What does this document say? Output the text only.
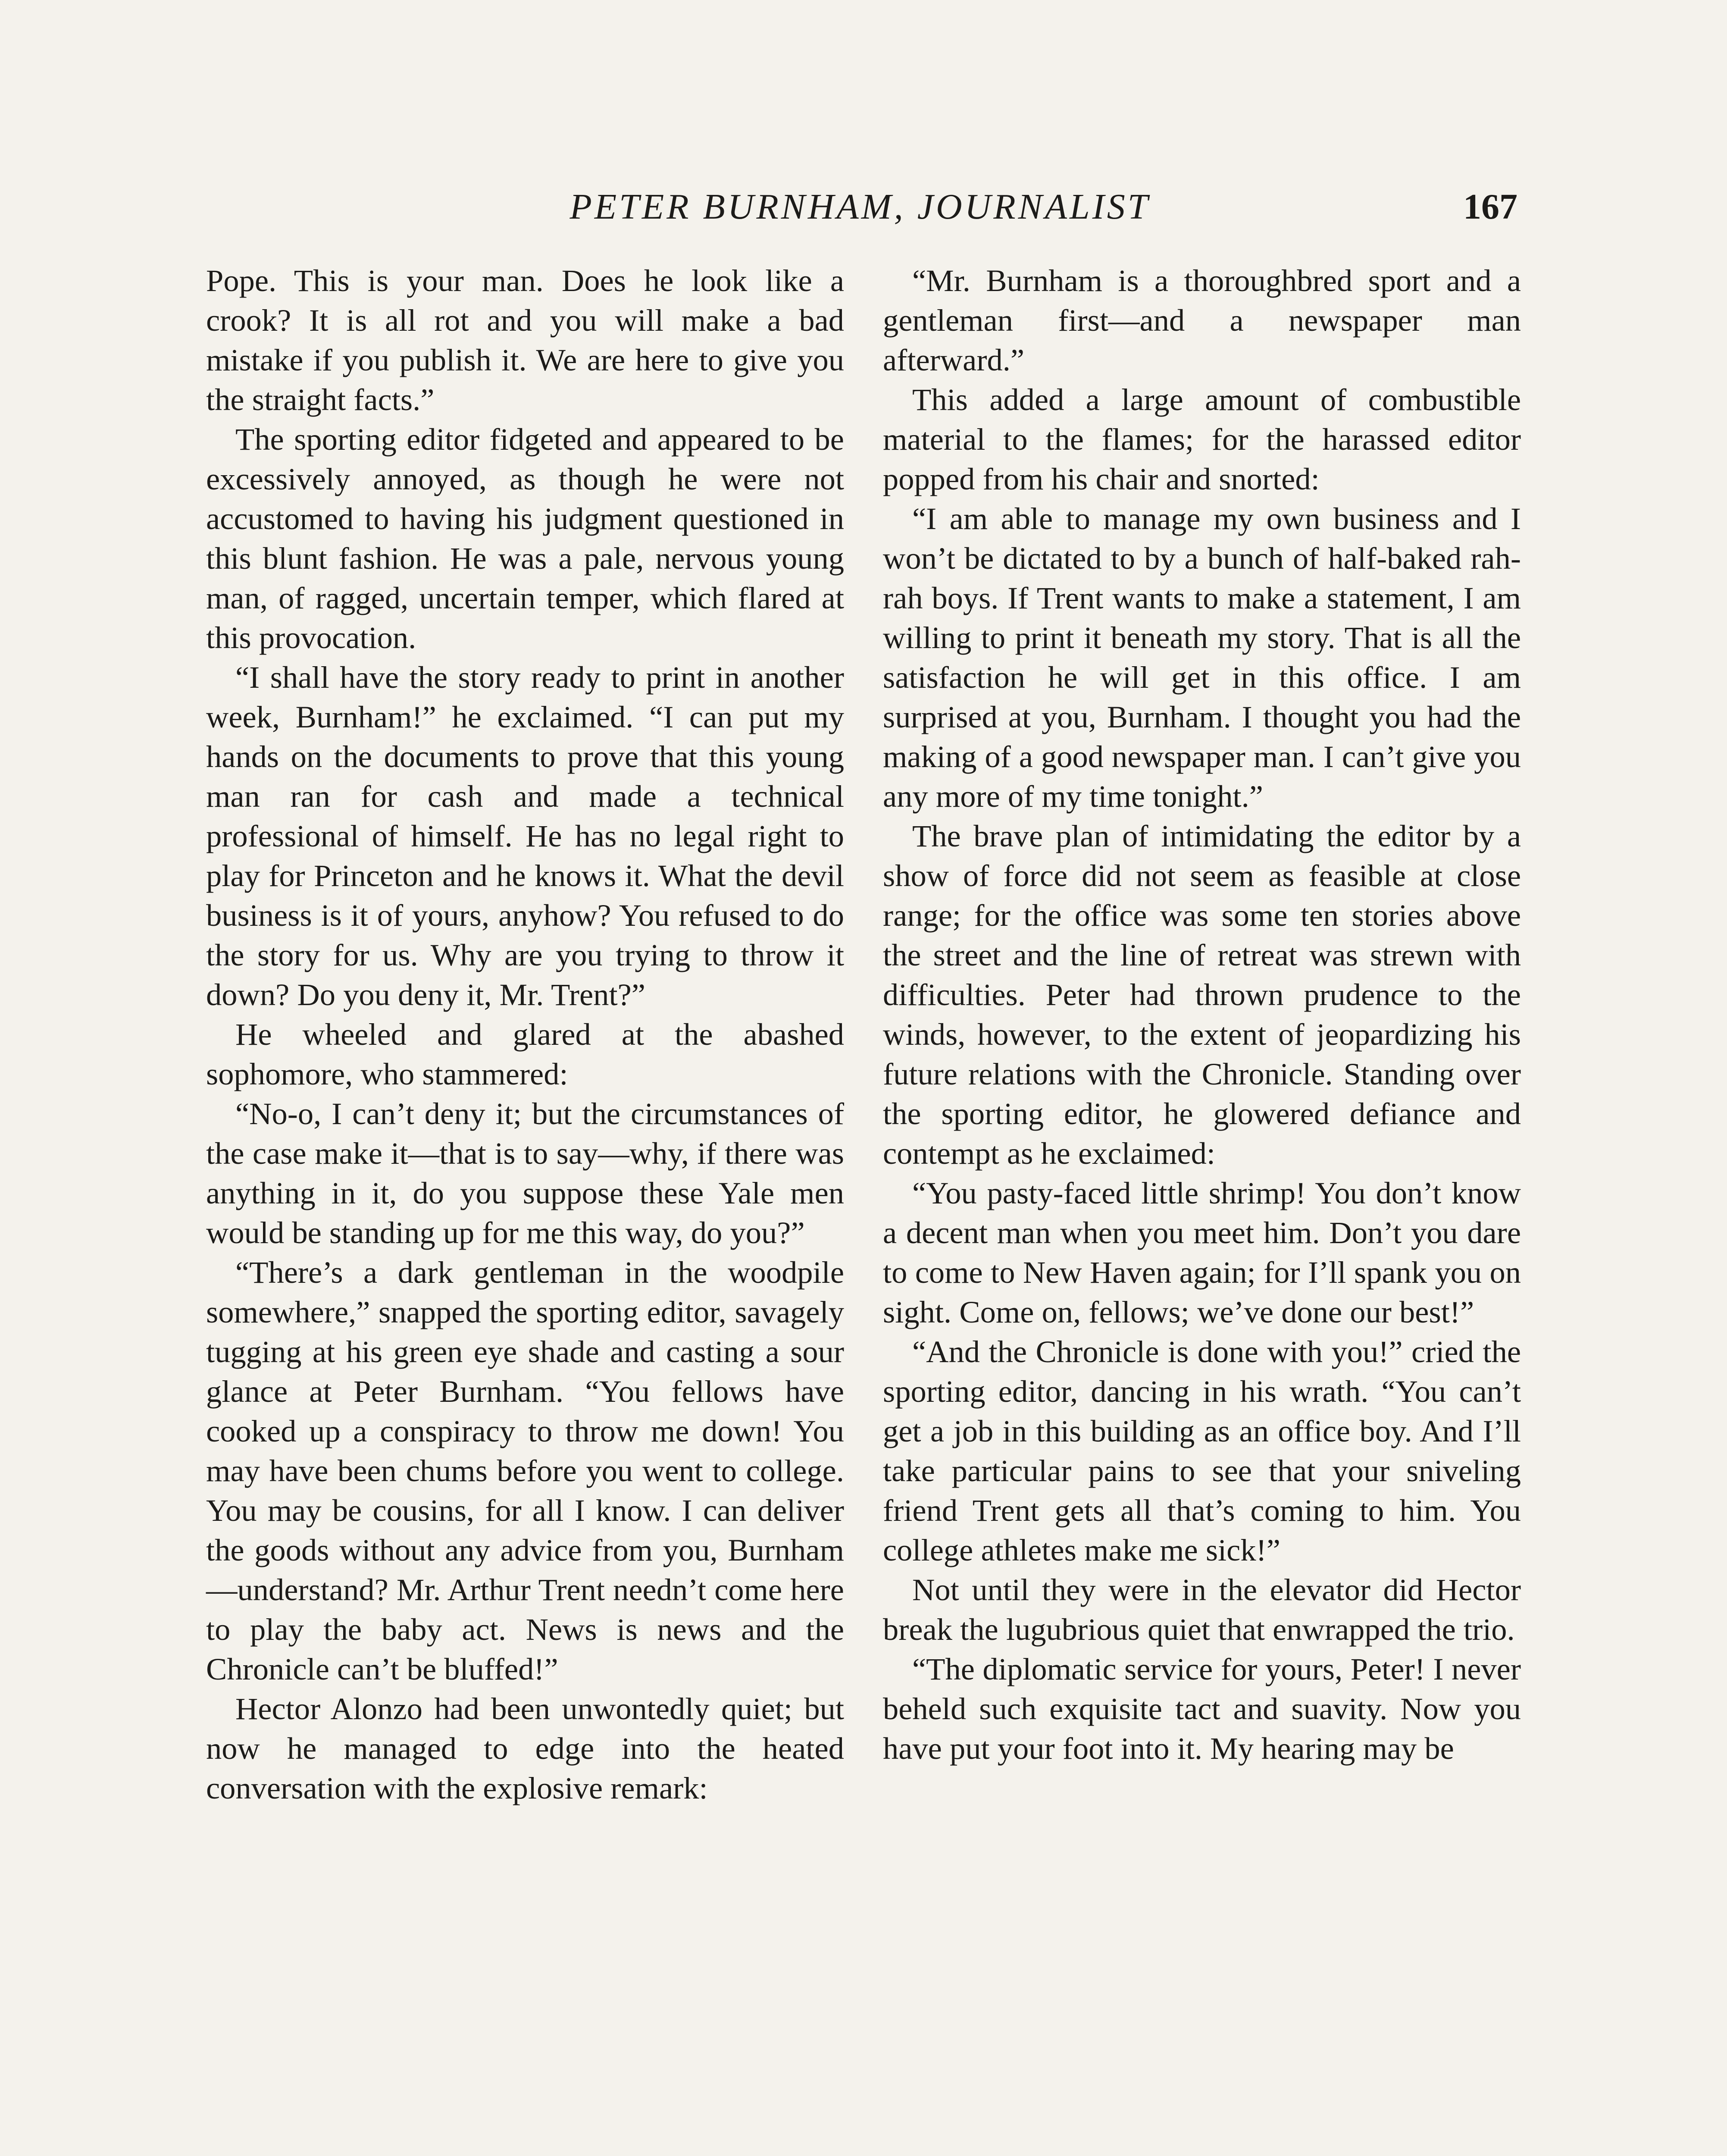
PETER BURNHAM, JOURNALIST	167

Pope. This is your man. Does he look like a crook? It is all rot and you will make a bad mistake if you publish it. We are here to give you the straight facts.”

The sporting editor fidgeted and appeared to be excessively annoyed, as though he were not accustomed to having his judgment questioned in this blunt fashion. He was a pale, nervous young man, of ragged, uncertain temper, which flared at this provocation.

“I shall have the story ready to print in another week, Burnham!” he exclaimed. “I can put my hands on the documents to prove that this young man ran for cash and made a technical professional of himself. He has no legal right to play for Princeton and he knows it. What the devil business is it of yours, anyhow? You refused to do the story for us. Why are you trying to throw it down? Do you deny it, Mr. Trent?”

He wheeled and glared at the abashed sophomore, who stammered:

“No-o, I can’t deny it; but the circumstances of the case make it—that is to say—why, if there was anything in it, do you suppose these Yale men would be standing up for me this way, do you?”

“There’s a dark gentleman in the woodpile somewhere,” snapped the sporting editor, savagely tugging at his green eye shade and casting a sour glance at Peter Burnham. “You fellows have cooked up a conspiracy to throw me down! You may have been chums before you went to college. You may be cousins, for all I know. I can deliver the goods without any advice from you, Burnham—understand? Mr. Arthur Trent needn’t come here to play the baby act. News is news and the Chronicle can’t be bluffed!”

Hector Alonzo had been unwontedly quiet; but now he managed to edge into the heated conversation with the explosive remark:

“Mr. Burnham is a thoroughbred sport and a gentleman first—and a newspaper man afterward.”

This added a large amount of combustible material to the flames; for the harassed editor popped from his chair and snorted:

“I am able to manage my own business and I won’t be dictated to by a bunch of half-baked rah-rah boys. If Trent wants to make a statement, I am willing to print it beneath my story. That is all the satisfaction he will get in this office. I am surprised at you, Burnham. I thought you had the making of a good newspaper man. I can’t give you any more of my time tonight.”

The brave plan of intimidating the editor by a show of force did not seem as feasible at close range; for the office was some ten stories above the street and the line of retreat was strewn with difficulties. Peter had thrown prudence to the winds, however, to the extent of jeopardizing his future relations with the Chronicle. Standing over the sporting editor, he glowered defiance and contempt as he exclaimed:

“You pasty-faced little shrimp! You don’t know a decent man when you meet him. Don’t you dare to come to New Haven again; for I’ll spank you on sight. Come on, fellows; we’ve done our best!”

“And the Chronicle is done with you!” cried the sporting editor, dancing in his wrath. “You can’t get a job in this building as an office boy. And I’ll take particular pains to see that your sniveling friend Trent gets all that’s coming to him. You college athletes make me sick!”

Not until they were in the elevator did Hector break the lugubrious quiet that enwrapped the trio.

“The diplomatic service for yours, Peter! I never beheld such exquisite tact and suavity. Now you have put your foot into it. My hearing may be
